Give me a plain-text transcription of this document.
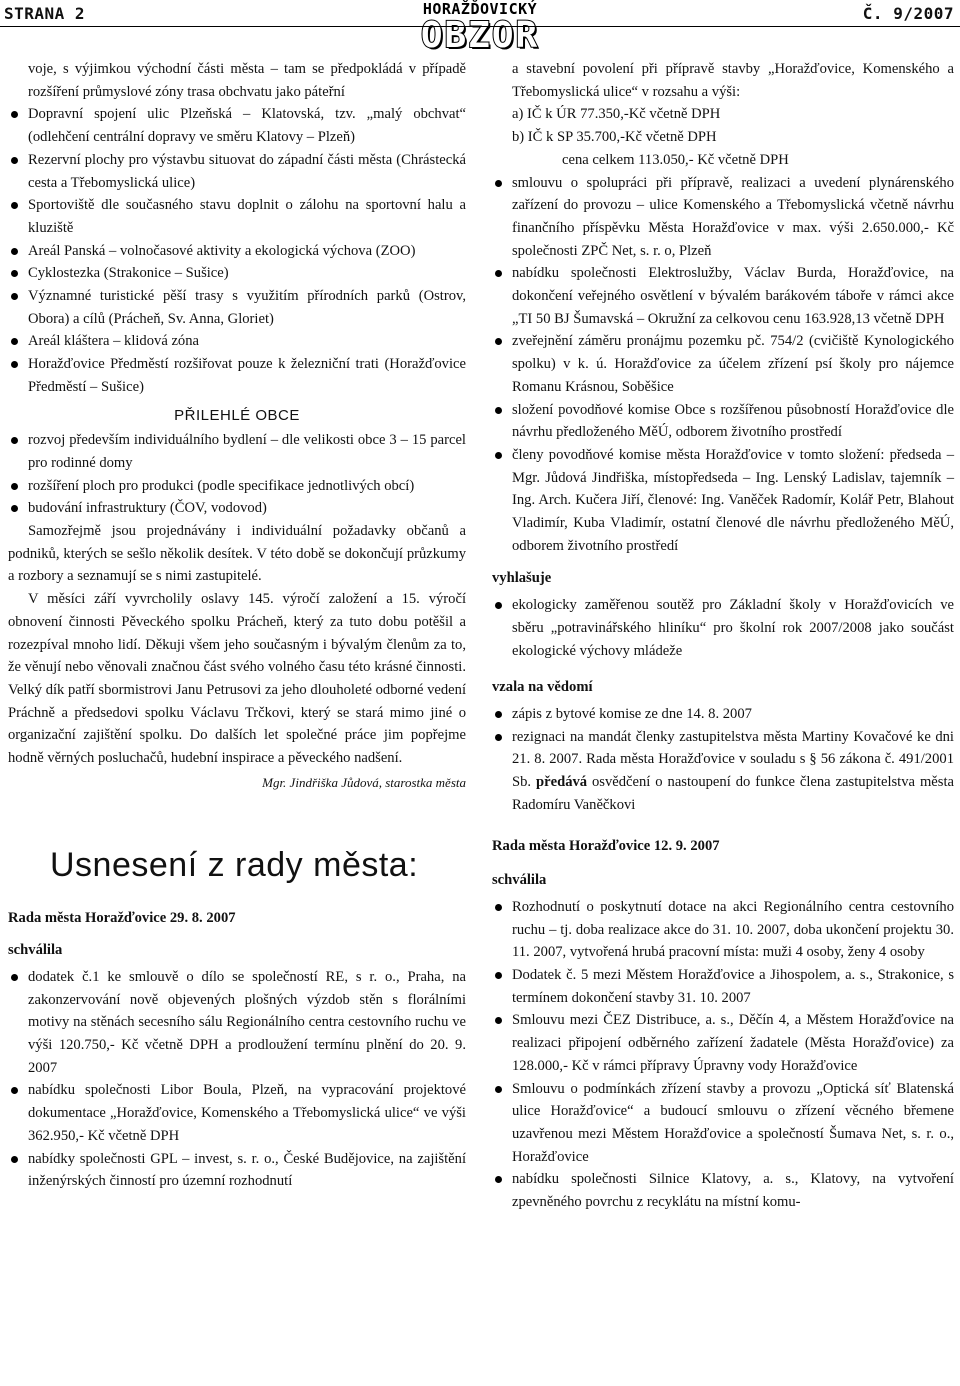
STRANA 2	HORAŽĎOVICKÝ
OBZOR
Č. 9/2007

voje, s výjimkou východní části města – tam se předpokládá v případě rozšíření průmyslové zóny trasa obchvatu jako páteřní

Dopravní spojení ulic Plzeňská – Klatovská, tzv. „malý obchvat“ (odlehčení centrální dopravy ve směru Klatovy – Plzeň)
Rezervní plochy pro výstavbu situovat do západní části města (Chrástecká cesta a Třebomyslická ulice)
Sportoviště dle současného stavu doplnit o zálohu na sportovní halu a kluziště
Areál Panská – volnočasové aktivity a ekologická výchova (ZOO)
Cyklostezka (Strakonice – Sušice)
Významné turistické pěší trasy s využitím přírodních parků (Ostrov, Obora) a cílů (Prácheň, Sv. Anna, Gloriet)
Areál kláštera – klidová zóna
Horažďovice Předměstí rozšiřovat pouze k železniční trati (Horažďovice Předměstí – Sušice)
PŘILEHLÉ OBCE
rozvoj především individuálního bydlení – dle velikosti obce 3 – 15 parcel pro rodinné domy
rozšíření ploch pro produkci (podle specifikace jednotlivých obcí)
budování infrastruktury (ČOV, vodovod)

Samozřejmě jsou projednávány i individuální požadavky občanů a podniků, kterých se sešlo několik desítek. V této době se dokončují průzkumy a rozbory a seznamují se s nimi zastupitelé.

V měsíci září vyvrcholily oslavy 145. výročí založení a 15. výročí obnovení činnosti Pěveckého spolku Prácheň, který za tuto dobu potěšil a rozezpíval mnoho lidí. Děkuji všem jeho současným i bývalým členům za to, že věnují nebo věnovali značnou část svého volného času této krásné činnosti. Velký dík patří sbormistrovi Janu Petrusovi za jeho dlouholeté odborné vedení Práchně a předsedovi spolku Václavu Trčkovi, který se stará mimo jiné o organizační zajištění spolku. Do dalších let společné práce jim popřejme hodně věrných posluchačů, hudební inspirace a pěveckého nadšení.

Mgr. Jindřiška Jůdová, starostka města
Usnesení z rady města:
Rada města Horažďovice 29. 8. 2007
schválila
dodatek č.1 ke smlouvě o dílo se společností RE, s r. o., Praha, na zakonzervování nově objevených plošných výzdob stěn s florálními motivy na stěnách secesního sálu Regionálního centra cestovního ruchu ve výši 120.750,- Kč včetně DPH a prodloužení termínu plnění do 20. 9. 2007
nabídku společnosti Libor Boula, Plzeň, na vypracování projektové dokumentace „Horažďovice, Komenského a Třebomyslická ulice“ ve výši 362.950,- Kč včetně DPH
nabídky společnosti GPL – invest, s. r. o., České Budějovice, na zajištění inženýrských činností pro územní rozhodnutí

a stavební povolení při přípravě stavby „Horažďovice, Komenského a Třebomyslická ulice“ v rozsahu a výši:

a) IČ k ÚR 77.350,-Kč včetně DPH
b) IČ k SP 35.700,-Kč včetně DPH
cena celkem 113.050,- Kč včetně DPH
smlouvu o spolupráci při přípravě, realizaci a uvedení plynárenského zařízení do provozu – ulice Komenského a Třebomyslická včetně návrhu finančního příspěvku Města Horažďovice v max. výši 2.650.000,- Kč společnosti ZPČ Net, s. r. o, Plzeň
nabídku společnosti Elektroslužby, Václav Burda, Horažďovice, na dokončení veřejného osvětlení v bývalém barákovém táboře v rámci akce „TI 50 BJ Šumavská – Okružní za celkovou cenu 163.928,13 včetně DPH
zveřejnění záměru pronájmu pozemku pč. 754/2 (cvičiště Kynologického spolku) v k. ú. Horažďovice za účelem zřízení psí školy pro nájemce Romanu Krásnou, Soběšice
složení povodňové komise Obce s rozšířenou působností Horažďovice dle návrhu předloženého MěÚ, odborem životního prostředí
členy povodňové komise města Horažďovice v tomto složení: předseda – Mgr. Jůdová Jindřiška, místopředseda – Ing. Lenský Ladislav, tajemník – Ing. Arch. Kučera Jiří, členové: Ing. Vaněček Radomír, Kolář Petr, Blahout Vladimír, Kuba Vladimír, ostatní členové dle návrhu předloženého MěÚ, odborem životního prostředí
vyhlašuje
ekologicky zaměřenou soutěž pro Základní školy v Horažďovicích ve sběru „potravinářského hliníku“ pro školní rok 2007/2008 jako součást ekologické výchovy mládeže
vzala na vědomí
zápis z bytové komise ze dne 14. 8. 2007
rezignaci na mandát členky zastupitelstva města Martiny Kovačové ke dni 21. 8. 2007. Rada města Horažďovice v souladu s § 56 zákona č. 491/2001 Sb. předává osvědčení o nastoupení do funkce člena zastupitelstva města Radomíru Vaněčkovi
Rada města Horažďovice 12. 9. 2007
schválila
Rozhodnutí o poskytnutí dotace na akci Regionálního centra cestovního ruchu – tj. doba realizace akce do 31. 10. 2007, doba ukončení projektu 30. 11. 2007, vytvořená hrubá pracovní místa: muži 4 osoby, ženy 4 osoby
Dodatek č. 5 mezi Městem Horažďovice a Jihospolem, a. s., Strakonice, s termínem dokončení stavby 31. 10. 2007
Smlouvu mezi ČEZ Distribuce, a. s., Děčín 4, a Městem Horažďovice na realizaci připojení odběrného zařízení žadatele (Města Horažďovice) za 128.000,- Kč v rámci přípravy Úpravny vody Horažďovice
Smlouvu o podmínkách zřízení stavby a provozu „Optická síť Blatenská ulice Horažďovice“ a budoucí smlouvu o zřízení věcného břemene uzavřenou mezi Městem Horažďovice a společností Šumava Net, s. r. o., Horažďovice
nabídku společnosti Silnice Klatovy, a. s., Klatovy, na vytvoření zpevněného povrchu z recyklátu na místní komu-
